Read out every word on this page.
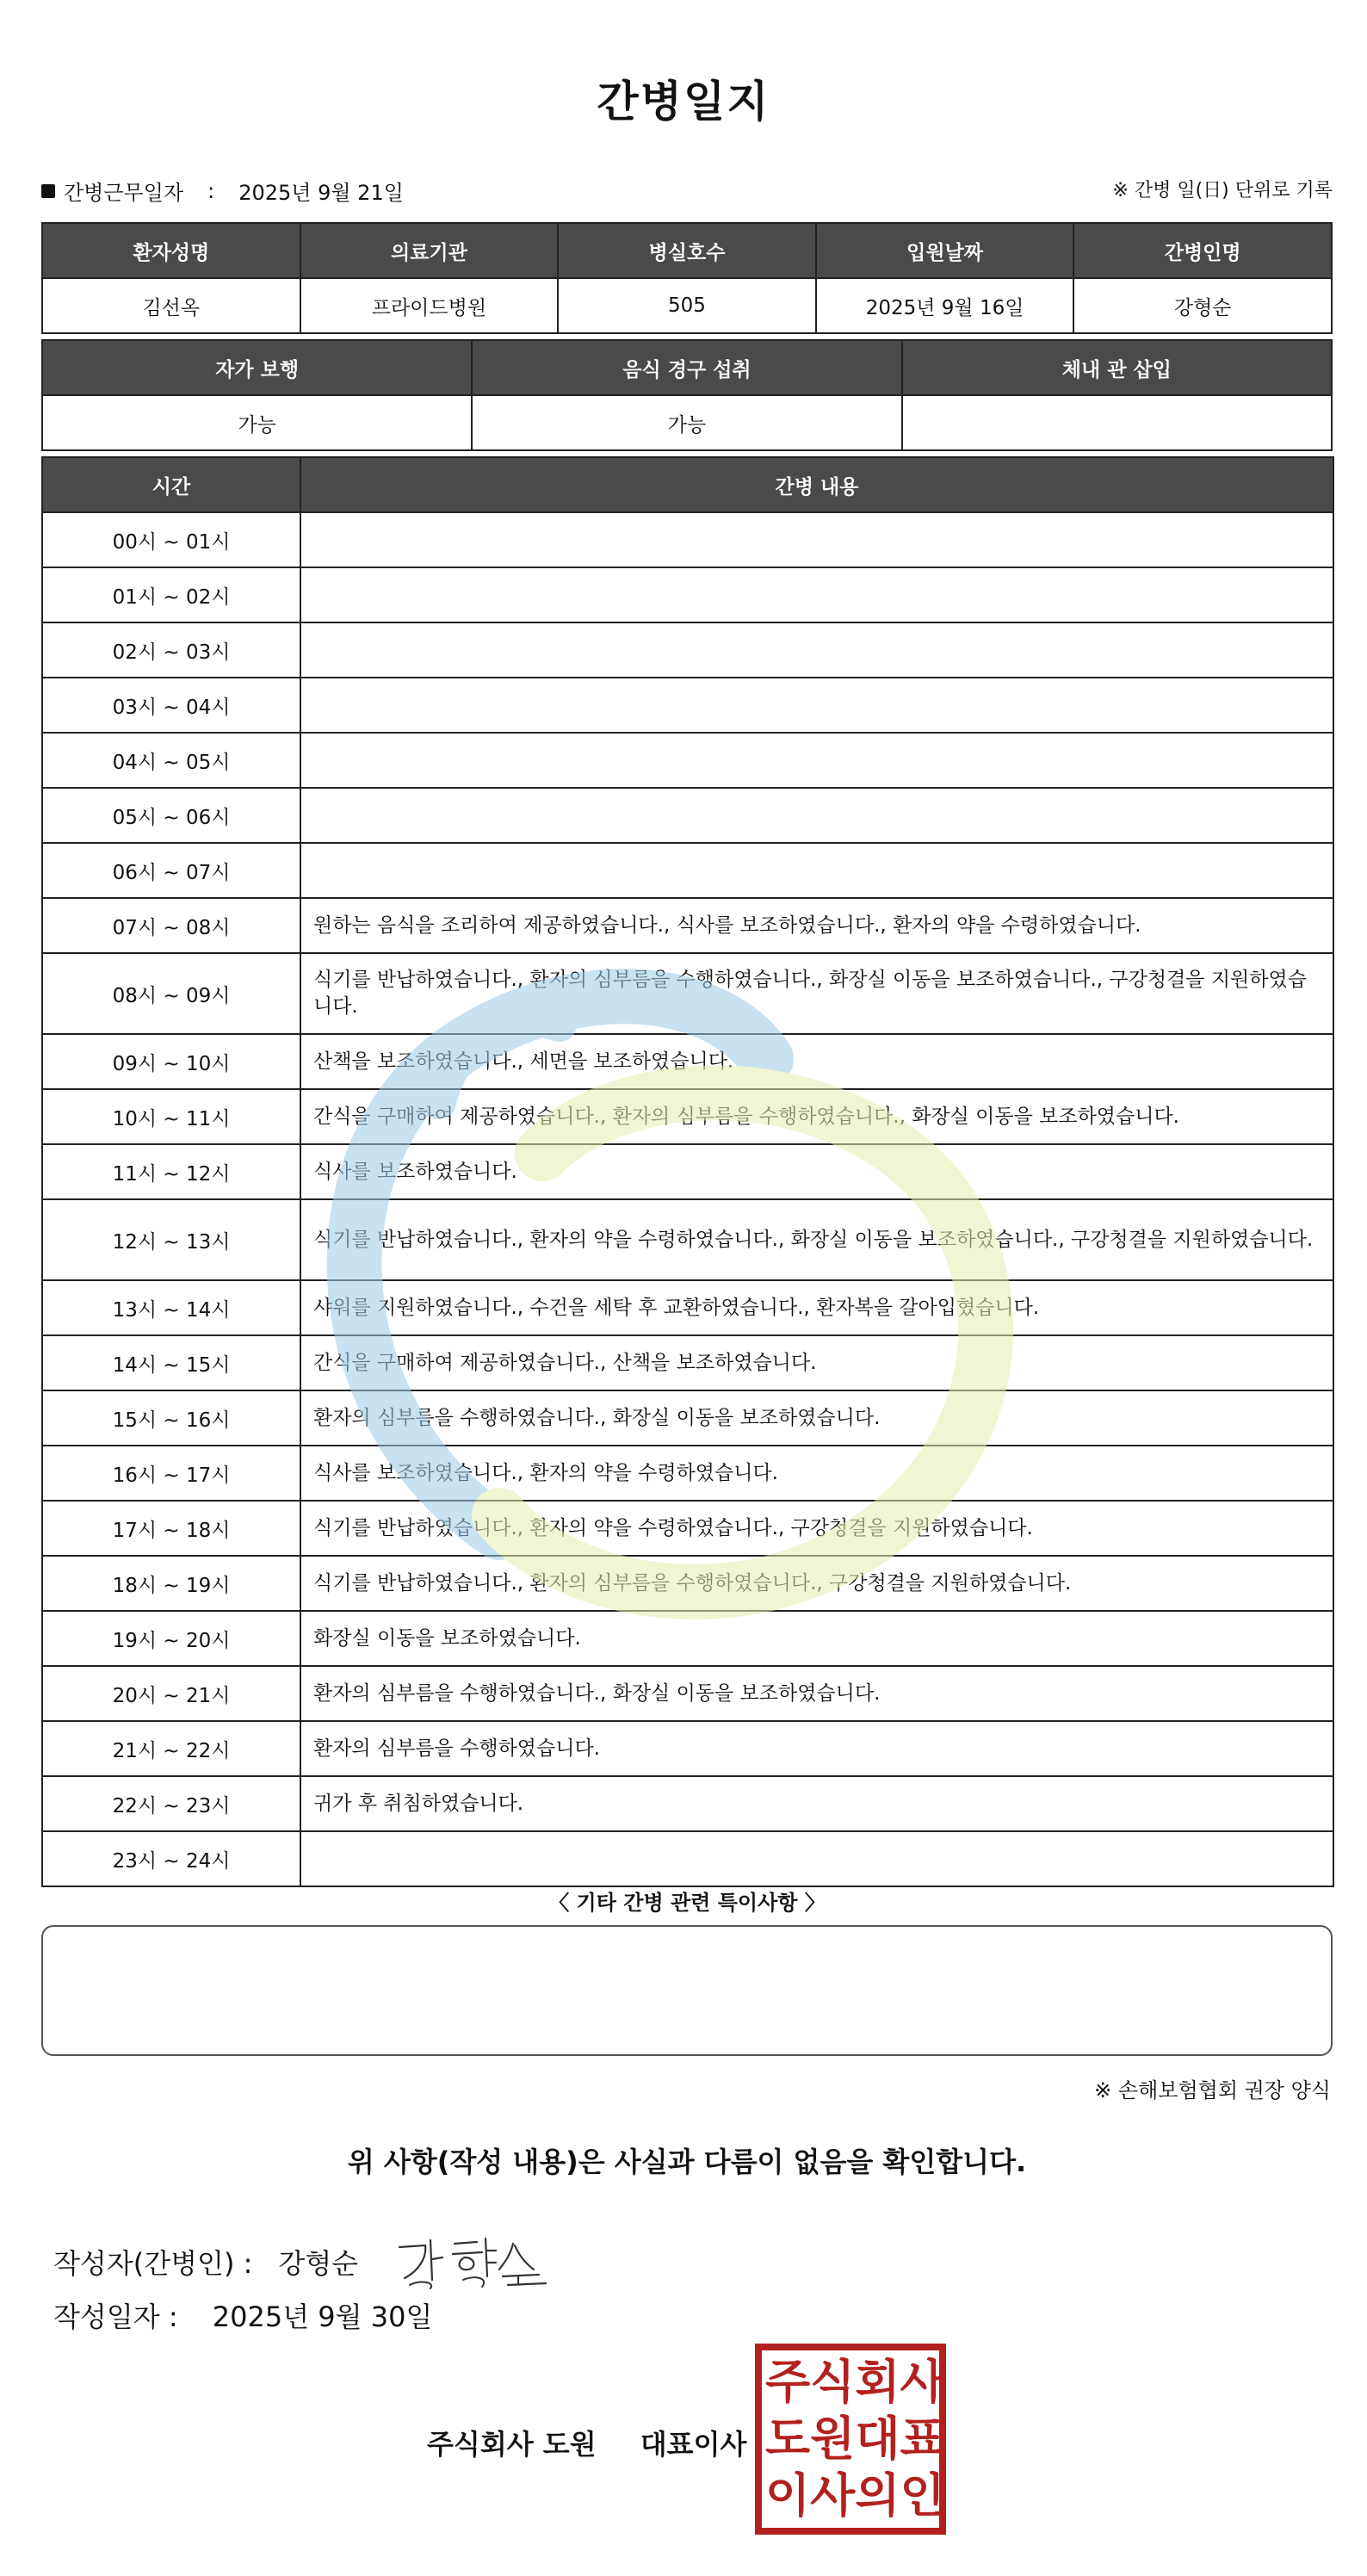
간병일지
간병근무일자 : 2025년 9월 21일	※ 간병 일(日) 단위로 기록
환자성명	의료기관	병실호수	입원날짜	간병인명
김선옥	프라이드병원	505	2025년 9월 16일	강형순
자가 보행	음식 경구 섭취	체내 관 삽입
가능	가능	
시간	간병 내용
00시 ~ 01시	
01시 ~ 02시	
02시 ~ 03시	
03시 ~ 04시	
04시 ~ 05시	
05시 ~ 06시	
06시 ~ 07시	
07시 ~ 08시	원하는 음식을 조리하여 제공하였습니다., 식사를 보조하였습니다., 환자의 약을 수령하였습니다.
08시 ~ 09시	식기를 반납하였습니다., 환자의 심부름을 수행하였습니다., 화장실 이동을 보조하였습니다., 구강청결을 지원하였습니다.
09시 ~ 10시	산책을 보조하였습니다., 세면을 보조하였습니다.
10시 ~ 11시	간식을 구매하여 제공하였습니다., 환자의 심부름을 수행하였습니다., 화장실 이동을 보조하였습니다.
11시 ~ 12시	식사를 보조하였습니다.
12시 ~ 13시	식기를 반납하였습니다., 환자의 약을 수령하였습니다., 화장실 이동을 보조하였습니다., 구강청결을 지원하였습니다.
13시 ~ 14시	샤워를 지원하였습니다., 수건을 세탁 후 교환하였습니다., 환자복을 갈아입혔습니다.
14시 ~ 15시	간식을 구매하여 제공하였습니다., 산책을 보조하였습니다.
15시 ~ 16시	환자의 심부름을 수행하였습니다., 화장실 이동을 보조하였습니다.
16시 ~ 17시	식사를 보조하였습니다., 환자의 약을 수령하였습니다.
17시 ~ 18시	식기를 반납하였습니다., 환자의 약을 수령하였습니다., 구강청결을 지원하였습니다.
18시 ~ 19시	식기를 반납하였습니다., 환자의 심부름을 수행하였습니다., 구강청결을 지원하였습니다.
19시 ~ 20시	화장실 이동을 보조하였습니다.
20시 ~ 21시	환자의 심부름을 수행하였습니다., 화장실 이동을 보조하였습니다.
21시 ~ 22시	환자의 심부름을 수행하였습니다.
22시 ~ 23시	귀가 후 취침하였습니다.
23시 ~ 24시	
〈 기타 간병 관련 특이사항 〉
※ 손해보험협회 권장 양식
위 사항(작성 내용)은 사실과 다름이 없음을 확인합니다.
작성자(간병인) : 강형순
작성일자 : 2025년 9월 30일
주식회사 도원 대표이사
주 식 회 사
도 원 대 표
이 사 의 인
